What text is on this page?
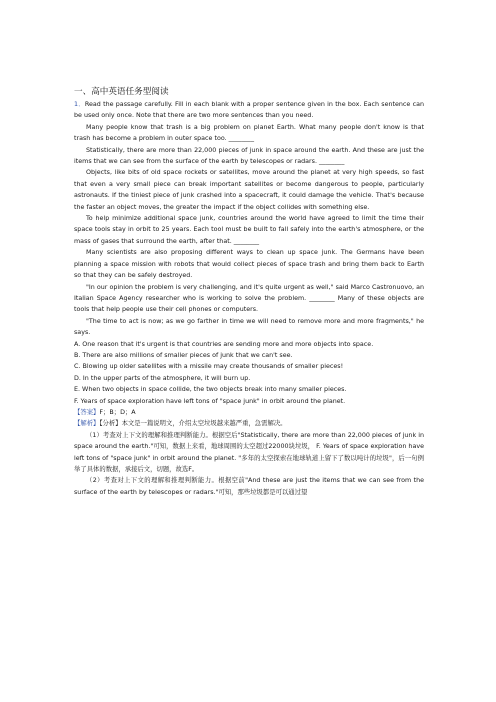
一、高中英语任务型阅读

1．Read the passage carefully. Fill in each blank with a proper sentence given in the box. Each sentence can be used only once. Note that there are two more sentences than you need.

Many people know that trash is a big problem on planet Earth. What many people don't know is that trash has become a problem in outer space too. ________

Statistically, there are more than 22,000 pieces of junk in space around the earth. And these are just the items that we can see from the surface of the earth by telescopes or radars. ________

Objects, like bits of old space rockets or satellites, move around the planet at very high speeds, so fast that even a very small piece can break important satellites or become dangerous to people, particularly astronauts. If the tiniest piece of junk crashed into a spacecraft, it could damage the vehicle. That's because the faster an object moves, the greater the impact if the object collides with something else.

To help minimize additional space junk, countries around the world have agreed to limit the time their space tools stay in orbit to 25 years. Each tool must be built to fall safely into the earth's atmosphere, or the mass of gases that surround the earth, after that. ________

Many scientists are also proposing different ways to clean up space junk. The Germans have been planning a space mission with robots that would collect pieces of space trash and bring them back to Earth so that they can be safely destroyed.

"In our opinion the problem is very challenging, and it's quite urgent as well," said Marco Castronuovo, an Italian Space Agency researcher who is working to solve the problem. ________ Many of these objects are tools that help people use their cell phones or computers.

"The time to act is now; as we go farther in time we will need to remove more and more fragments," he says.

A. One reason that it's urgent is that countries are sending more and more objects into space.

B. There are also millions of smaller pieces of junk that we can't see.

C. Blowing up older satellites with a missile may create thousands of smaller pieces!

D. In the upper parts of the atmosphere, it will burn up.

E. When two objects in space collide, the two objects break into many smaller pieces.

F. Years of space exploration have left tons of "space junk" in orbit around the planet.

【答案】F；B；D；A

【解析】【分析】本文是一篇说明文，介绍太空垃圾越来越严重，急需解决。

（1）考查对上下文的理解和推理判断能力。根据空后"Statistically, there are more than 22,000 pieces of junk in space around the earth."可知，数据上来看，地球周围的太空超过22000块垃圾， F. Years of space exploration have left tons of "space junk" in orbit around the planet. "多年的太空探索在地球轨道上留下了数以吨计的垃圾"，后一句例举了具体的数据，承接后文，切题，故选F。

（2）考查对上下文的理解和推理判断能力。根据空前"And these are just the items that we can see from the surface of the earth by telescopes or radars."可知，那些垃圾都是可以通过望
